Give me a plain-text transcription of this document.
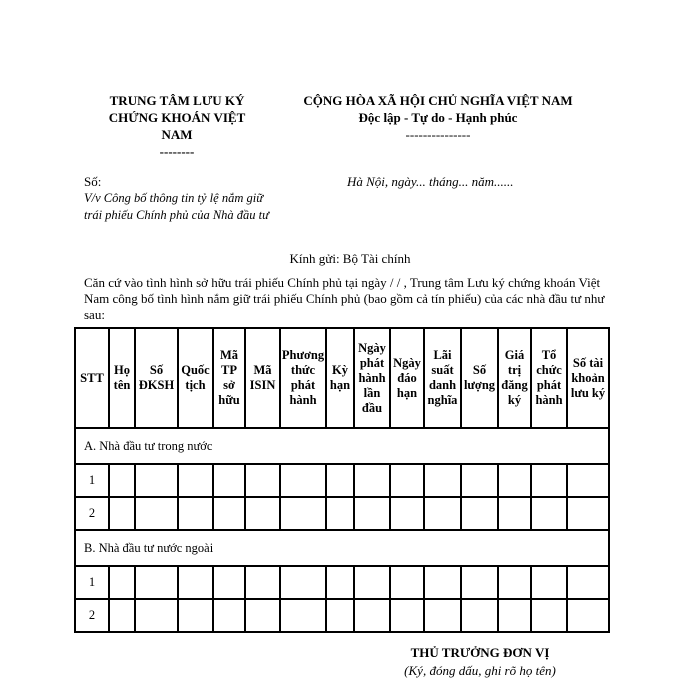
TRUNG TÂM LƯU KÝ CHỨNG KHOÁN VIỆT NAM
--------
CỘNG HÒA XÃ HỘI CHỦ NGHĨA VIỆT NAM
Độc lập - Tự do - Hạnh phúc
---------------
Số:
V/v Công bố thông tin tỷ lệ nắm giữ trái phiếu Chính phủ của Nhà đầu tư
Hà Nội, ngày... tháng... năm......
Kính gửi: Bộ Tài chính
Căn cứ vào tình hình sở hữu trái phiếu Chính phủ tại ngày / / , Trung tâm Lưu ký chứng khoán Việt Nam công bố tình hình nắm giữ trái phiếu Chính phủ (bao gồm cả tín phiếu) của các nhà đầu tư như sau:
STT	Họ tên	Số ĐKSH	Quốc tịch	Mã TP sở hữu	Mã ISIN	Phương thức phát hành	Kỳ hạn	Ngày phát hành lần đầu	Ngày đáo hạn	Lãi suất danh nghĩa	Số lượng	Giá trị đăng ký	Tổ chức phát hành	Số tài khoản lưu ký
A. Nhà đầu tư trong nước														
1														
2														
B. Nhà đầu tư nước ngoài														
1														
2														
THỦ TRƯỞNG ĐƠN VỊ
(Ký, đóng dấu, ghi rõ họ tên)
